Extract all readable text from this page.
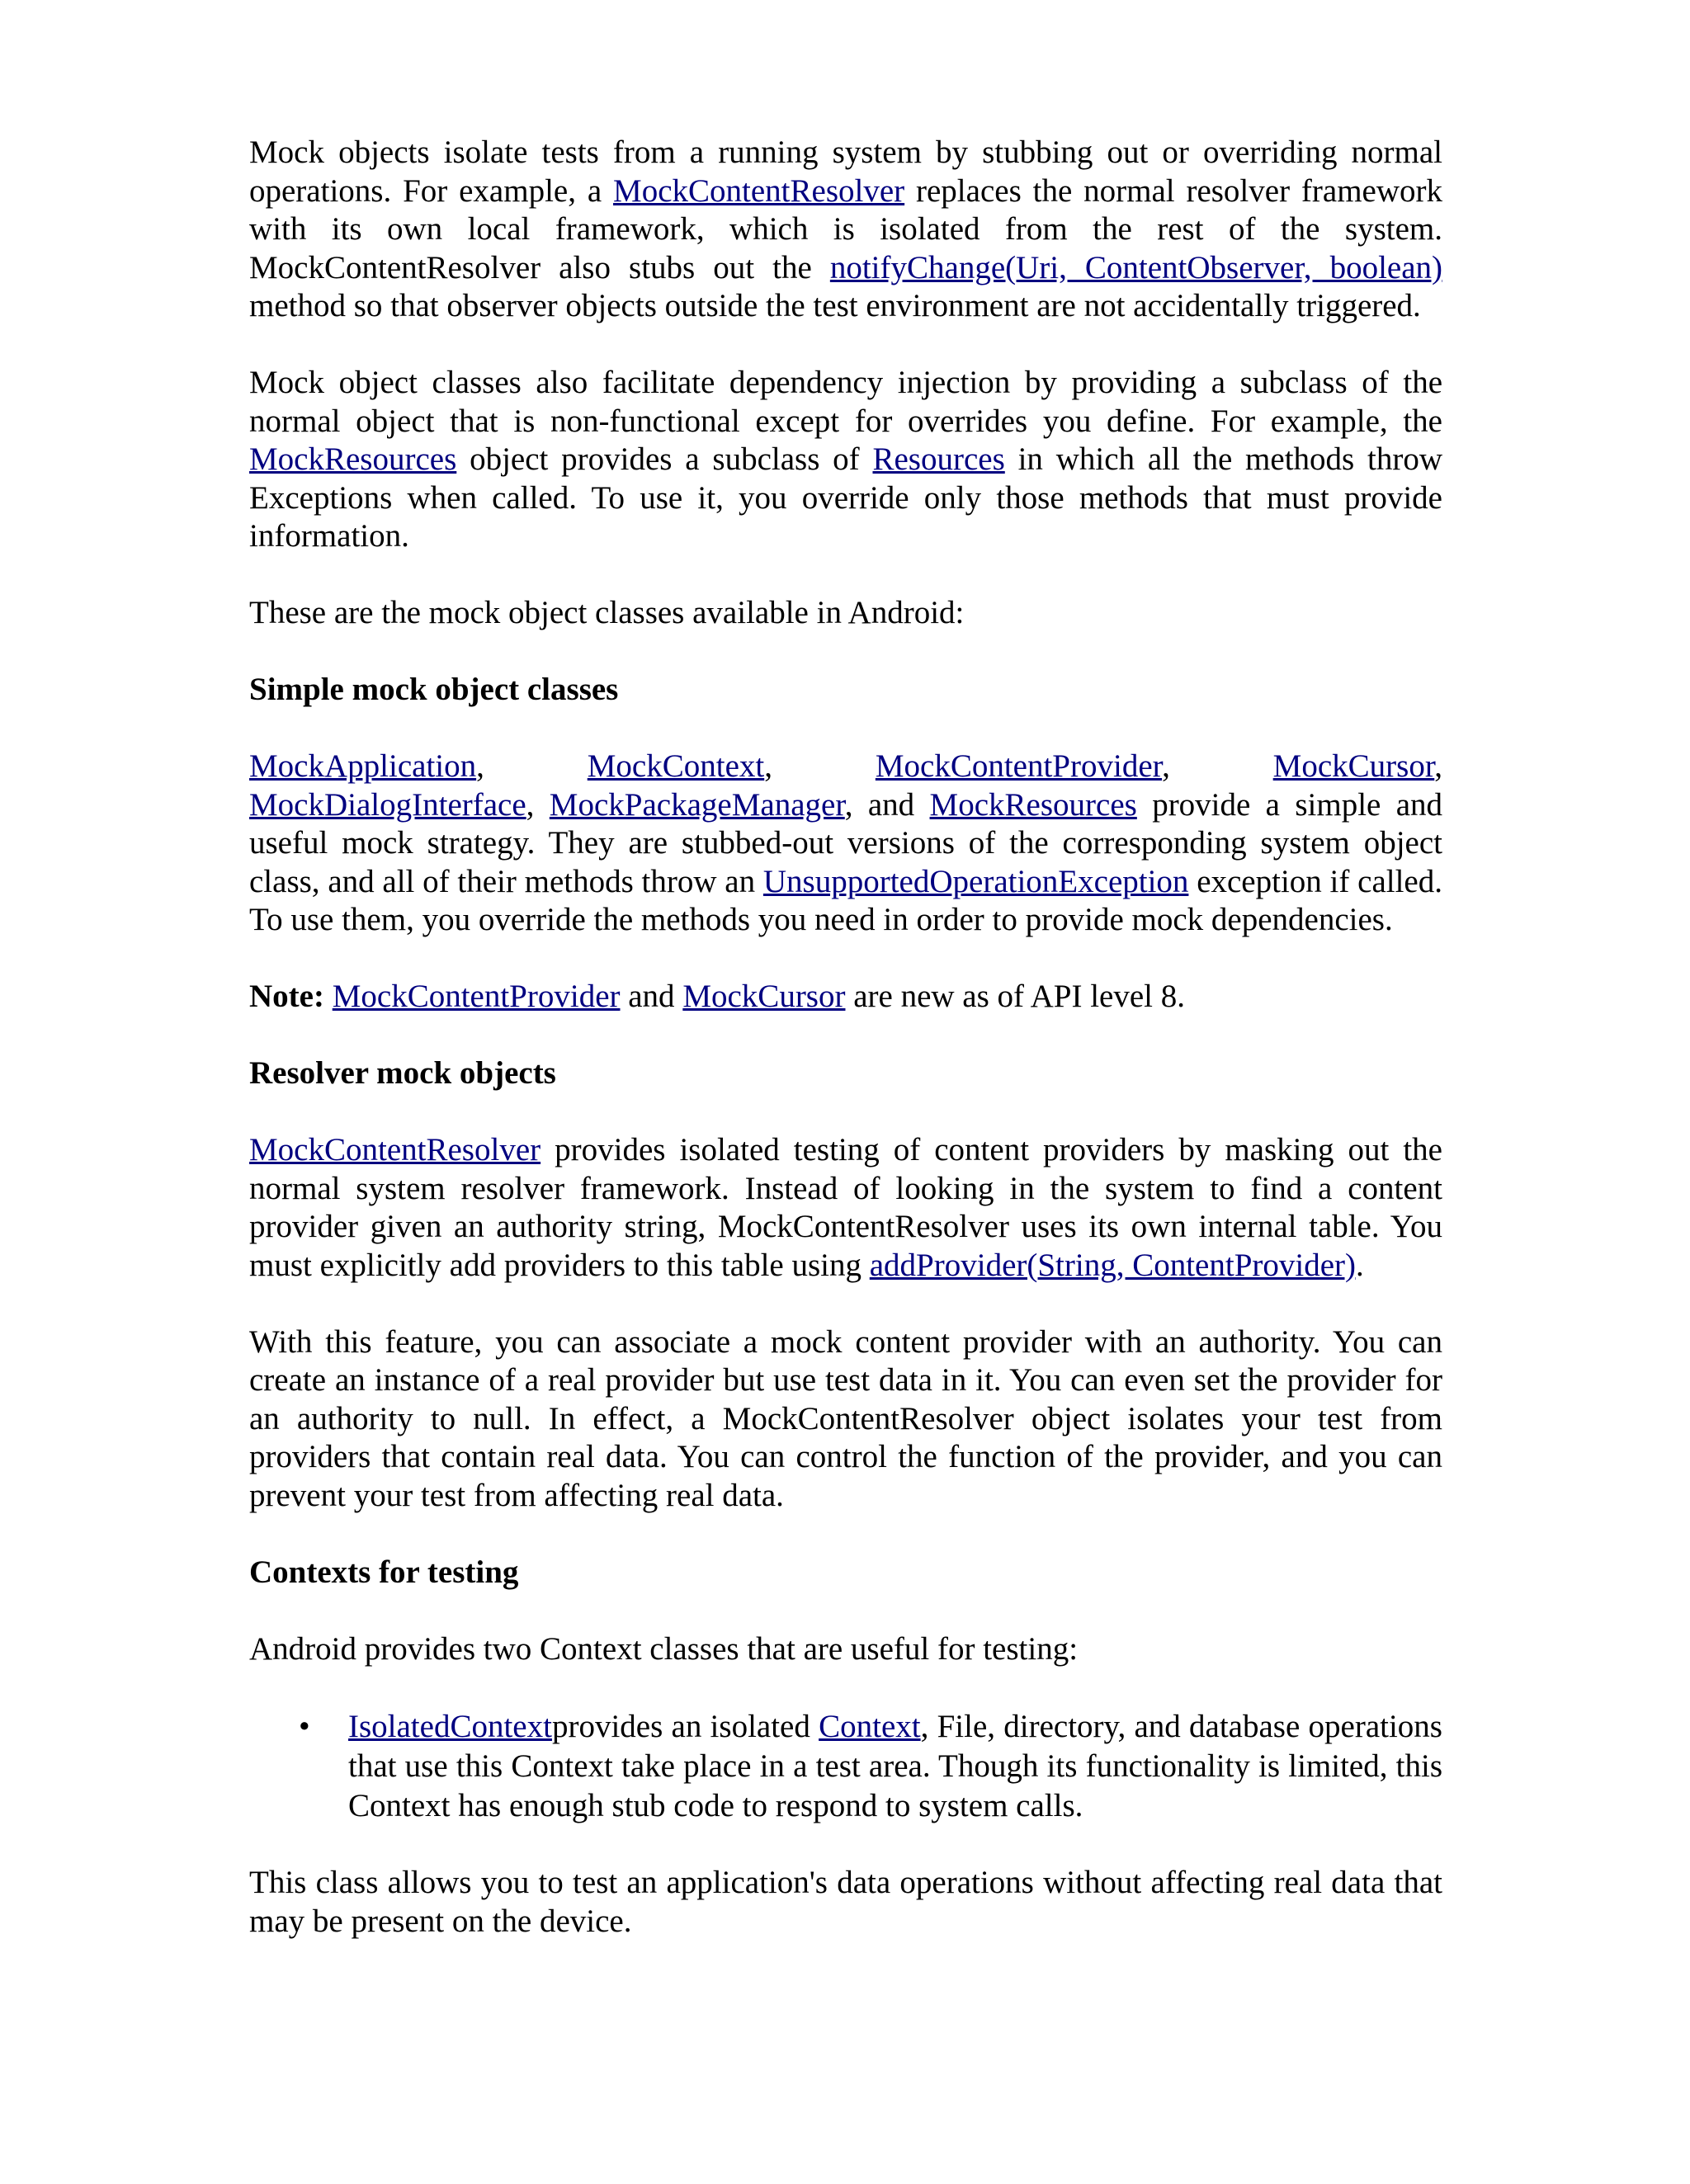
Mock objects isolate tests from a running system by stubbing out or overriding normal operations. For example, a MockContentResolver replaces the normal resolver framework with its own local framework, which is isolated from the rest of the system. MockContentResolver also stubs out the notifyChange(Uri, ContentObserver, boolean) method so that observer objects outside the test environment are not accidentally triggered.

Mock object classes also facilitate dependency injection by providing a subclass of the normal object that is non-functional except for overrides you define. For example, the MockResources object provides a subclass of Resources in which all the methods throw Exceptions when called. To use it, you override only those methods that must provide information.

These are the mock object classes available in Android:

Simple mock object classes

MockApplication, MockContext, MockContentProvider, MockCursor, MockDialogInterface, MockPackageManager, and MockResources provide a simple and useful mock strategy. They are stubbed-out versions of the corresponding system object class, and all of their methods throw an UnsupportedOperationException exception if called. To use them, you override the methods you need in order to provide mock dependencies.

Note: MockContentProvider and MockCursor are new as of API level 8.

Resolver mock objects

MockContentResolver provides isolated testing of content providers by masking out the normal system resolver framework. Instead of looking in the system to find a content provider given an authority string, MockContentResolver uses its own internal table. You must explicitly add providers to this table using addProvider(String, ContentProvider).

With this feature, you can associate a mock content provider with an authority. You can create an instance of a real provider but use test data in it. You can even set the provider for an authority to null. In effect, a MockContentResolver object isolates your test from providers that contain real data. You can control the function of the provider, and you can prevent your test from affecting real data.

Contexts for testing

Android provides two Context classes that are useful for testing:

•	IsolatedContextprovides an isolated Context, File, directory, and database operations that use this Context take place in a test area. Though its functionality is limited, this Context has enough stub code to respond to system calls.

This class allows you to test an application's data operations without affecting real data that may be present on the device.
